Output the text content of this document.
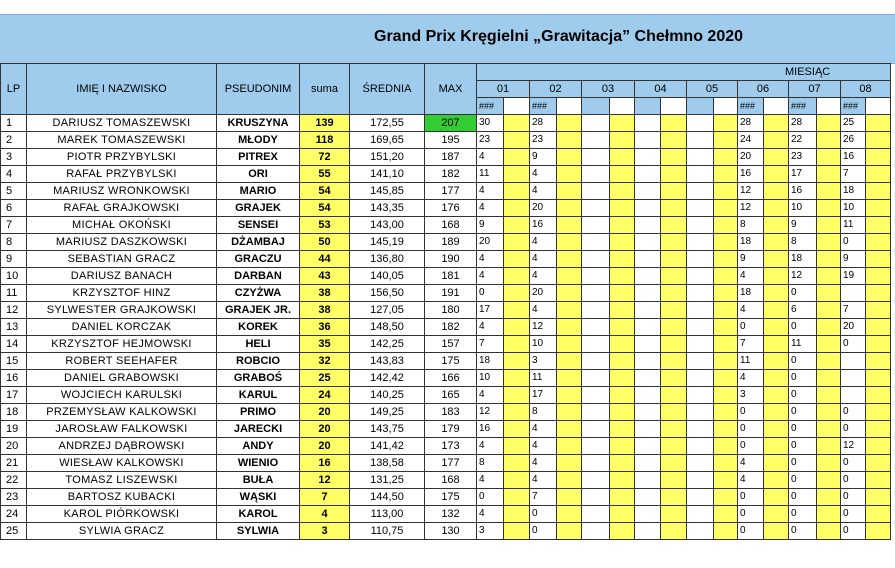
Grand Prix Kręgielni „Grawitacja” Chełmno 2020
LP	IMIĘ I NAZWISKO	PSEUDONIM	suma	ŚREDNIA	MAX	MIESIĄC															
						01		02		03		04		05		06		07		08	
						###		###								###		###		###	
1	DARIUSZ TOMASZEWSKI	KRUSZYNA	139	172,55	207	30		28								28		28		25	
2	MAREK TOMASZEWSKI	MŁODY	118	169,65	195	23		23								24		22		26	
3	PIOTR PRZYBYLSKI	PITREX	72	151,20	187	4		9								20		23		16	
4	RAFAŁ PRZYBYLSKI	ORI	55	141,10	182	11		4								16		17		7	
5	MARIUSZ WRONKOWSKI	MARIO	54	145,85	177	4		4								12		16		18	
6	RAFAŁ GRAJKOWSKI	GRAJEK	54	143,35	176	4		20								12		10		10	
7	MICHAŁ OKOŃSKI	SENSEI	53	143,00	168	9		16								8		9		11	
8	MARIUSZ DASZKOWSKI	DŻAMBAJ	50	145,19	189	20		4								18		8		0	
9	SEBASTIAN GRACZ	GRACZU	44	136,80	190	4		4								9		18		9	
10	DARIUSZ BANACH	DARBAN	43	140,05	181	4		4								4		12		19	
11	KRZYSZTOF HINZ	CZYŻWA	38	156,50	191	0		20								18		0			
12	SYLWESTER GRAJKOWSKI	GRAJEK JR.	38	127,05	180	17		4								4		6		7	
13	DANIEL KORCZAK	KOREK	36	148,50	182	4		12								0		0		20	
14	KRZYSZTOF HEJMOWSKI	HELI	35	142,25	157	7		10								7		11		0	
15	ROBERT SEEHAFER	ROBCIO	32	143,83	175	18		3								11		0			
16	DANIEL GRABOWSKI	GRABOŚ	25	142,42	166	10		11								4		0			
17	WOJCIECH KARULSKI	KARUL	24	140,25	165	4		17								3		0			
18	PRZEMYSŁAW KALKOWSKI	PRIMO	20	149,25	183	12		8								0		0		0	
19	JAROSŁAW FALKOWSKI	JARECKI	20	143,75	179	16		4								0		0		0	
20	ANDRZEJ DĄBROWSKI	ANDY	20	141,42	173	4		4								0		0		12	
21	WIESŁAW KALKOWSKI	WIENIO	16	138,58	177	8		4								4		0		0	
22	TOMASZ LISZEWSKI	BUŁA	12	131,25	168	4		4								4		0		0	
23	BARTOSZ KUBACKI	WĄSKI	7	144,50	175	0		7								0		0		0	
24	KAROL PIÓRKOWSKI	KAROL	4	113,00	132	4		0								0		0		0	
25	SYLWIA GRACZ	SYLWIA	3	110,75	130	3		0								0		0		0	
